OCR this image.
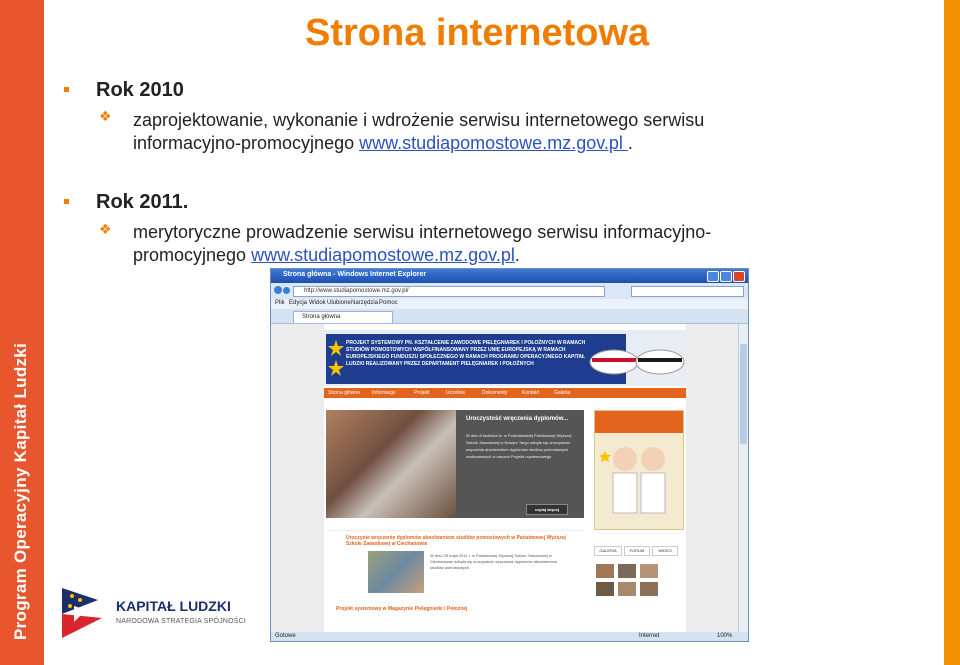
Program Operacyjny Kapitał Ludzki
Strona internetowa
Rok 2010
❖ zaprojektowanie, wykonanie i wdrożenie serwisu internetowego serwisu
informacyjno-promocyjnego www.studiapomostowe.mz.gov.pl .
Rok 2011.
❖ merytoryczne prowadzenie serwisu internetowego serwisu informacyjno-
promocyjnego www.studiapomostowe.mz.gov.pl.
KAPITAŁ LUDZKI
NARODOWA STRATEGIA SPÓJNOŚCI
Strona główna - Windows Internet Explorer
http://www.studiapomostowe.mz.gov.pl/
Plik Edycja Widok Ulubione Narzędzia Pomoc
Strona główna
PROJEKT SYSTEMOWY PN. KSZTAŁCENIE ZAWODOWE PIELĘGNIAREK I POŁOŻNYCH W RAMACH STUDIÓW POMOSTOWYCH WSPÓŁFINANSOWANY PRZEZ UNIĘ EUROPEJSKĄ W RAMACH EUROPEJSKIEGO FUNDUSZU SPOŁECZNEGO W RAMACH PROGRAMU OPERACYJNEGO KAPITAŁ LUDZKI REALIZOWANY PRZEZ DEPARTAMENT PIELĘGNIAREK I POŁOŻNYCH
Strona główna Informacje	Projekt	Uczelnie	Dokumenty	Kontakt	Galeria
Uroczystość wręczenia dyplomów...
W dniu 8 kwietnia br. w Podhalańskiej Państwowej Wyższej Szkole Zawodowej w Nowym Targu odbyła się uroczystość wręczenia absolwentom dyplomów studiów pomostowych realizowanych w ramach Projektu systemowego.
czytaj więcej
Uroczyste wręczenie dyplomów absolwentom studiów pomostowych w Państwowej Wyższej Szkole Zawodowej w Ciechanowie
W dniu 25 maja 2011 r. w Państwowej Wyższej Szkole Zawodowej w Ciechanowie odbyła się uroczystość wręczenia dyplomów absolwentom studiów pomostowych.
Projekt systemowy w Magazynie Pielęgniarki i Położnej
GALERIA	FORUM	WIDEO
Gotowe	Internet	100%
